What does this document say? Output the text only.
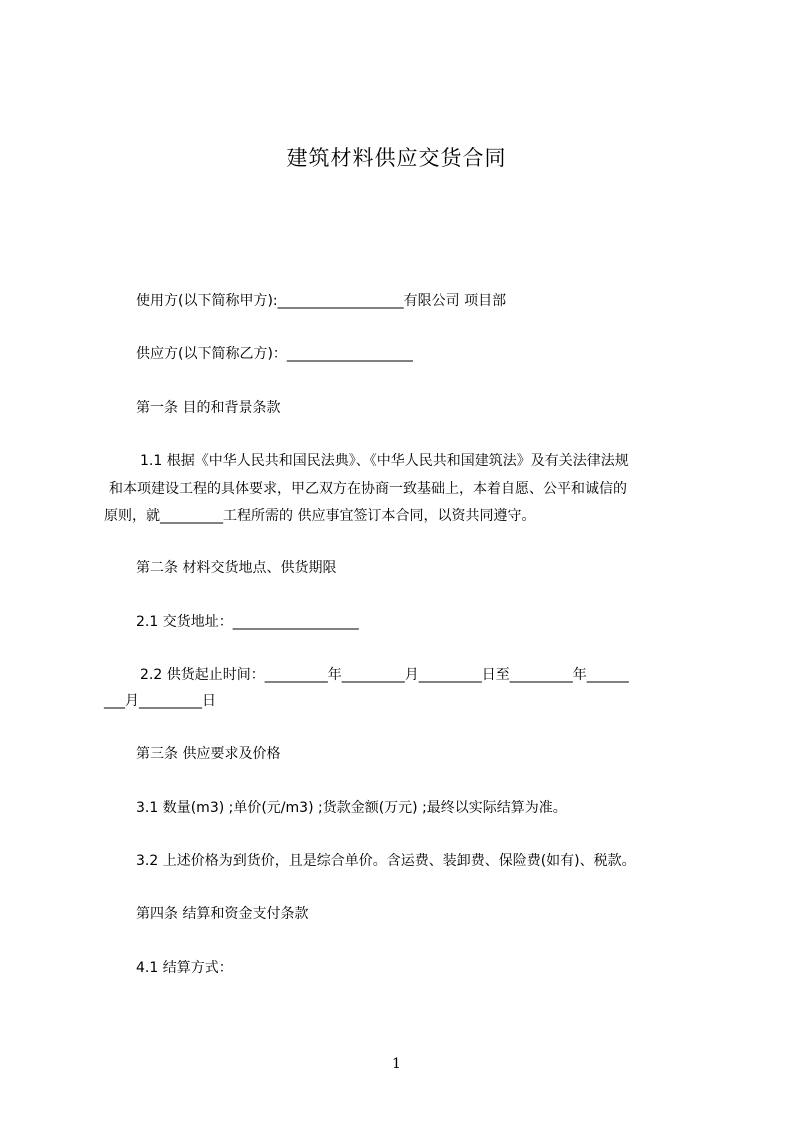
建筑材料供应交货合同
使用方(以下简称甲方):__________________有限公司 项目部
供应方(以下简称乙方)：__________________
第一条 目的和背景条款
1.1 根据《中华人民共和国民法典》、《中华人民共和国建筑法》及有关法律法规
和本项建设工程的具体要求，甲乙双方在协商一致基础上，本着自愿、公平和诚信的
原则，就_________工程所需的 供应事宜签订本合同，以资共同遵守。
第二条 材料交货地点、供货期限
2.1 交货地址：__________________
2.2 供货起止时间：_________年_________月_________日至_________年______
___月_________日
第三条 供应要求及价格
3.1 数量(m3) ;单价(元/m3) ;货款金额(万元) ;最终以实际结算为准。
3.2 上述价格为到货价，且是综合单价。含运费、装卸费、保险费(如有)、税款。
第四条 结算和资金支付条款
4.1 结算方式：
1
